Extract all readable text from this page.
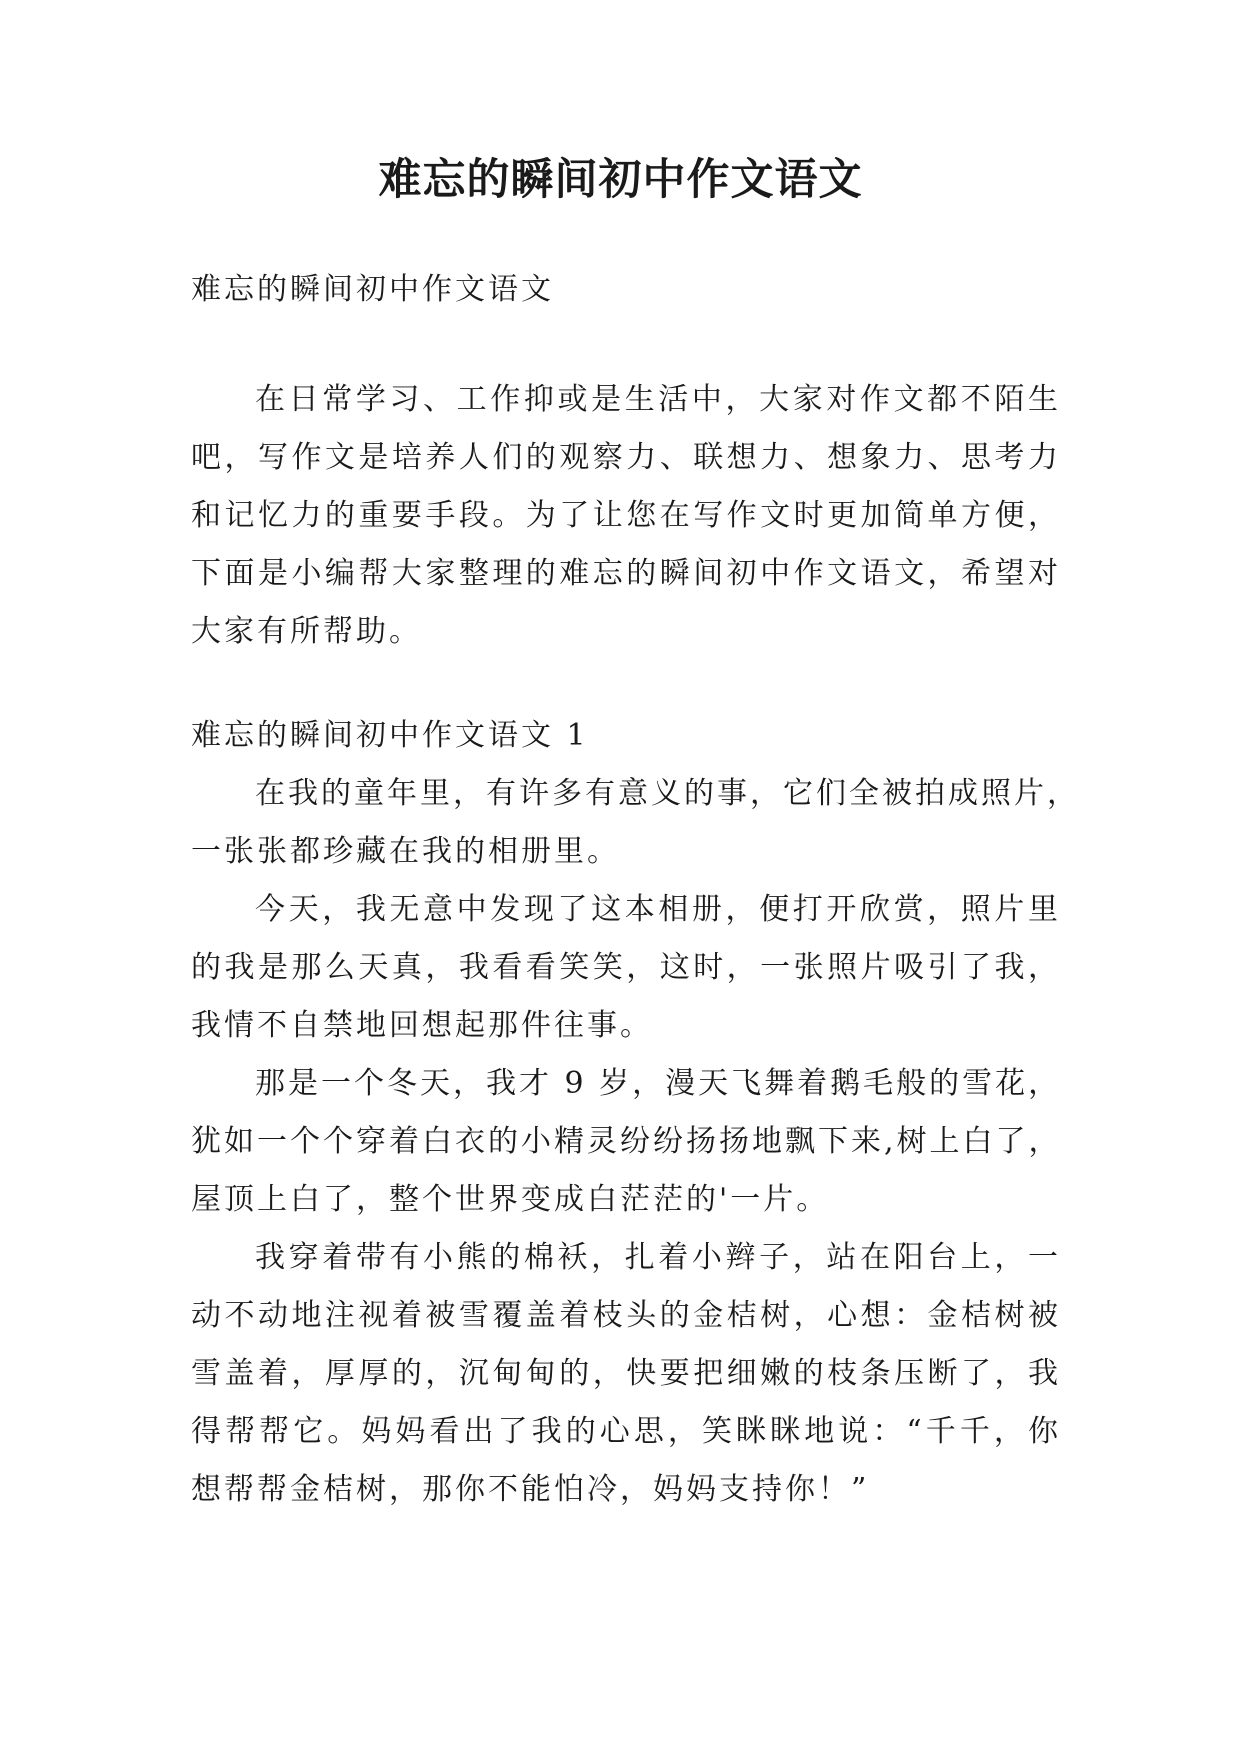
难忘的瞬间初中作文语文
难忘的瞬间初中作文语文
在日常学习、工作抑或是生活中，大家对作文都不陌生
吧，写作文是培养人们的观察力、联想力、想象力、思考力
和记忆力的重要手段。为了让您在写作文时更加简单方便，
下面是小编帮大家整理的难忘的瞬间初中作文语文，希望对
大家有所帮助。
难忘的瞬间初中作文语文 1
在我的童年里，有许多有意义的事，它们全被拍成照片，
一张张都珍藏在我的相册里。
今天，我无意中发现了这本相册，便打开欣赏，照片里
的我是那么天真，我看看笑笑，这时，一张照片吸引了我，
我情不自禁地回想起那件往事。
那是一个冬天，我才 9 岁，漫天飞舞着鹅毛般的雪花，
犹如一个个穿着白衣的小精灵纷纷扬扬地飘下来,树上白了，
屋顶上白了，整个世界变成白茫茫的'一片。
我穿着带有小熊的棉袄，扎着小辫子，站在阳台上，一
动不动地注视着被雪覆盖着枝头的金桔树，心想：金桔树被
雪盖着，厚厚的，沉甸甸的，快要把细嫩的枝条压断了，我
得帮帮它。妈妈看出了我的心思，笑眯眯地说：“千千，你
想帮帮金桔树，那你不能怕冷，妈妈支持你！”
